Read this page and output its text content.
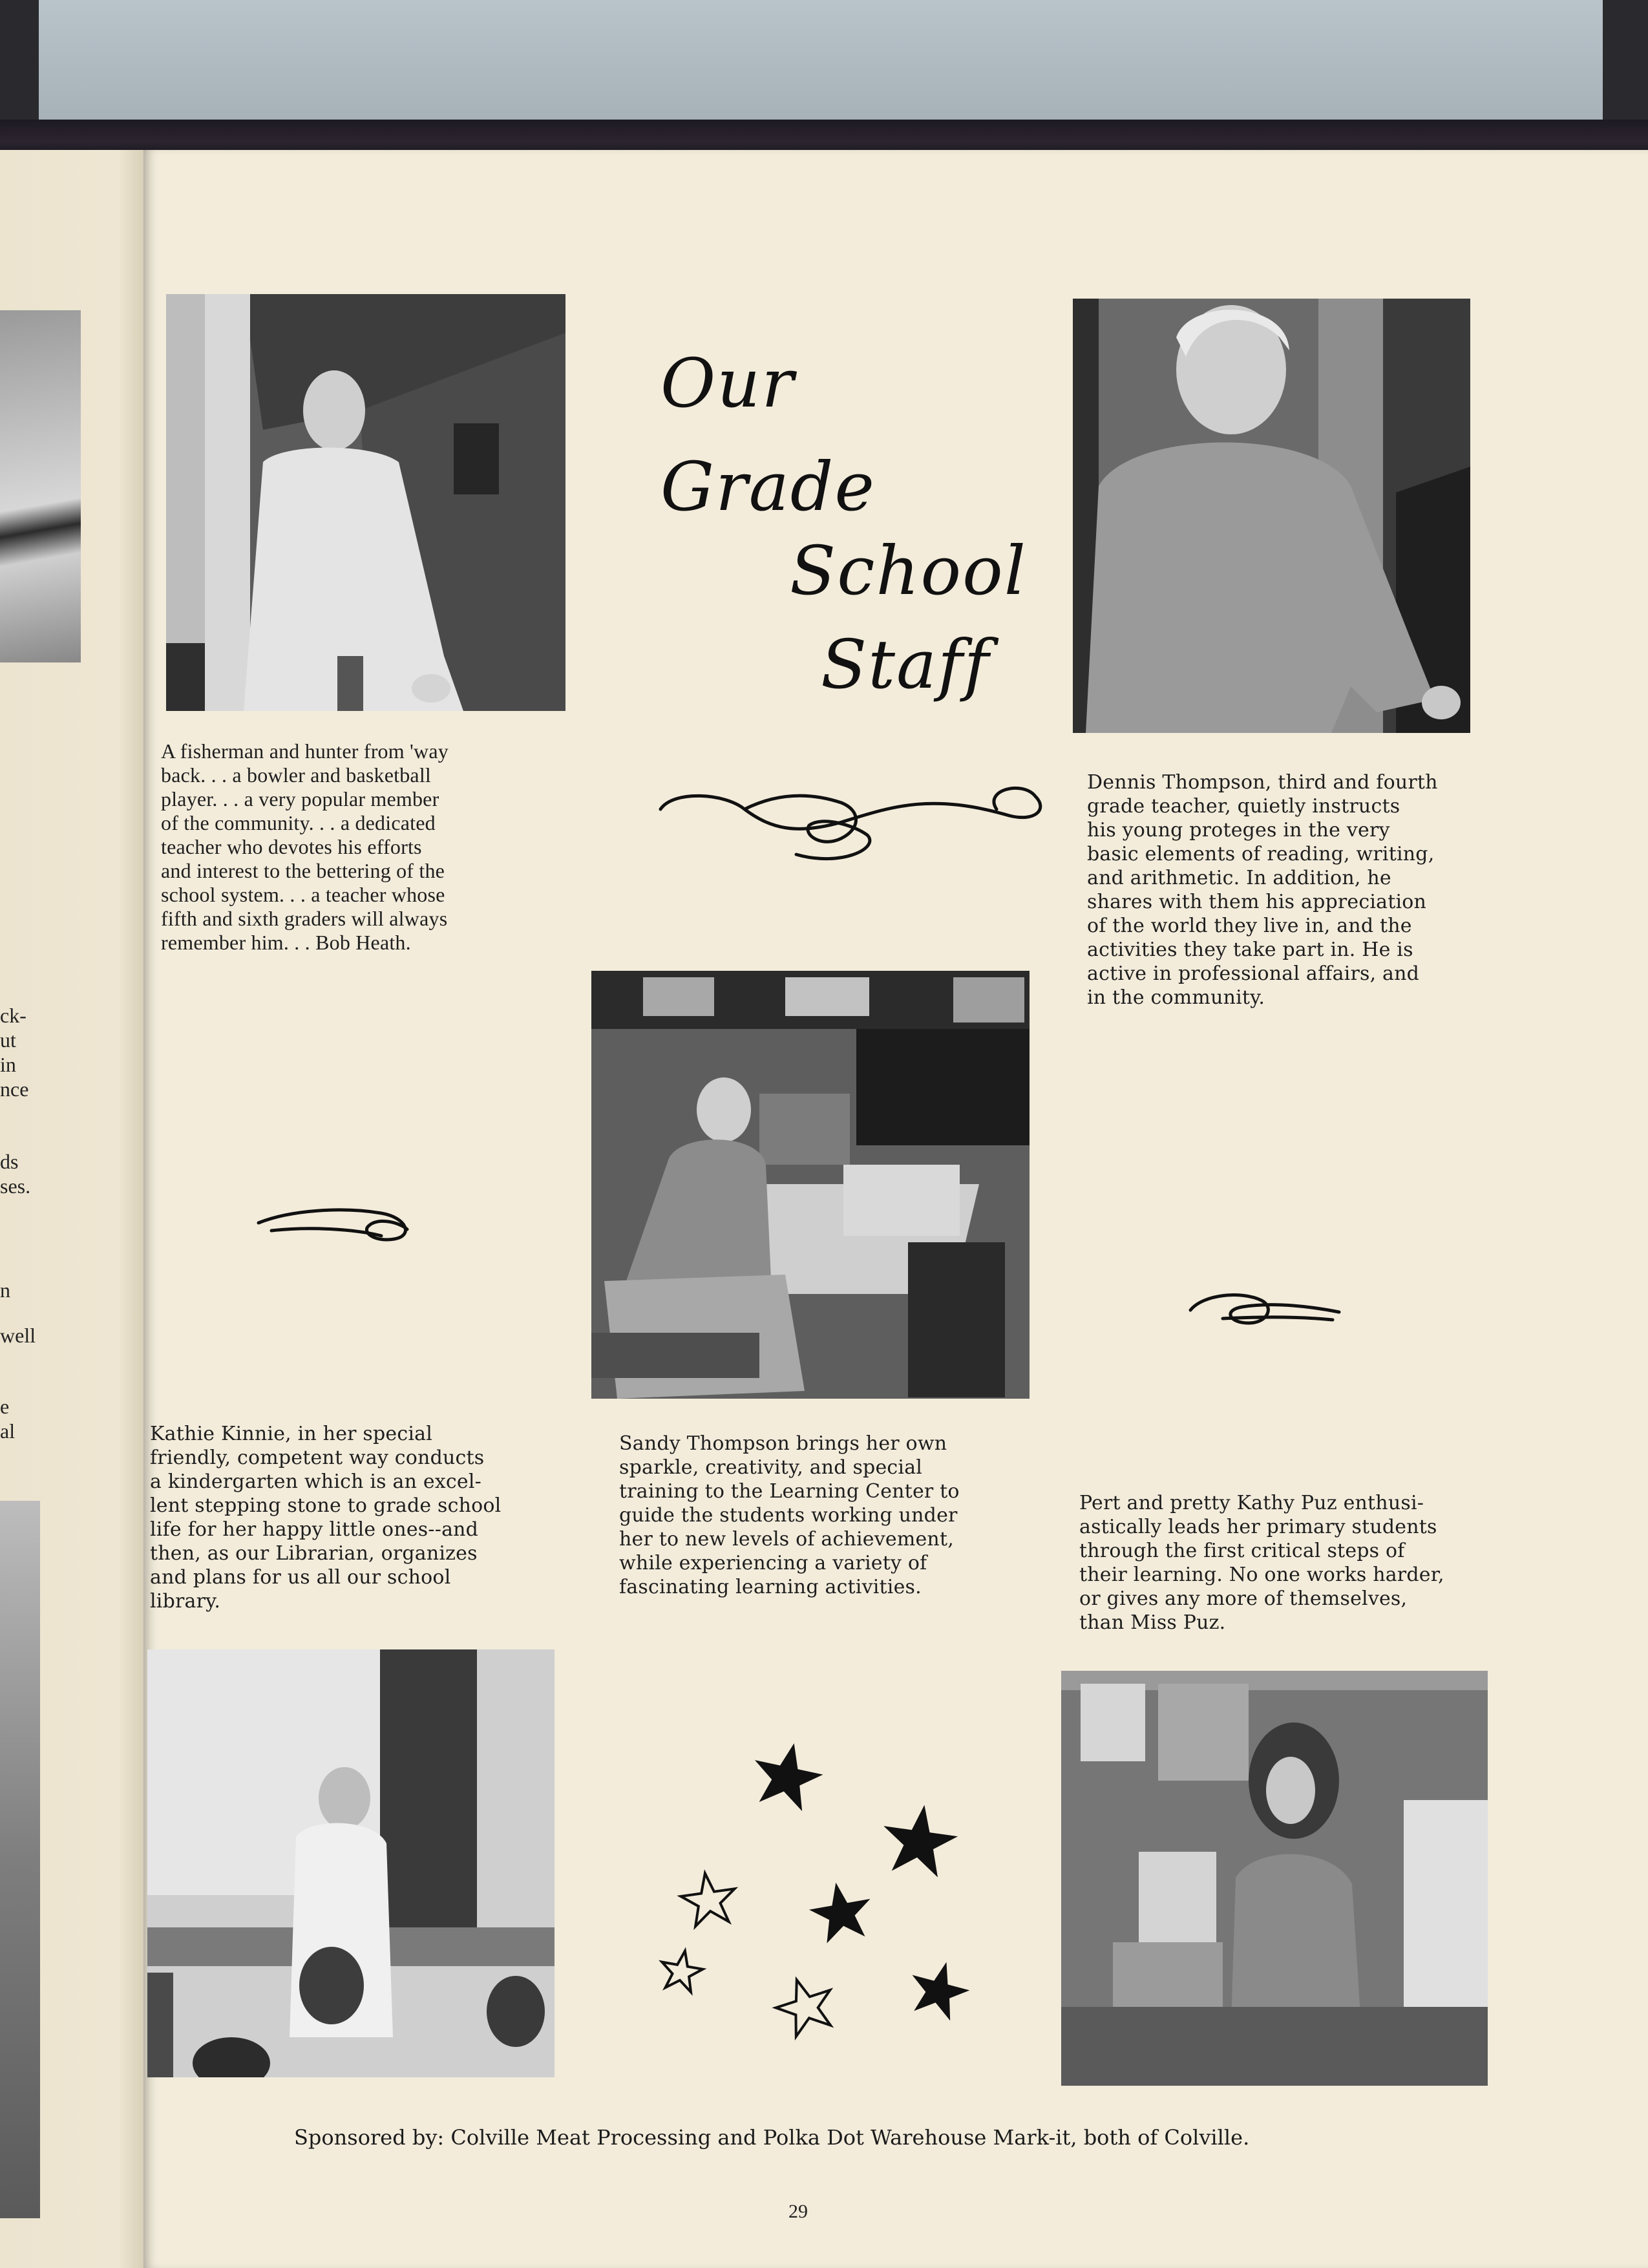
ck-
ut
in
nce
ds
ses.
n
well
e
al
Our
Grade
School
Staff
A fisherman and hunter from 'way
back. . . a bowler and basketball
player. . . a very popular member
of the community. . . a dedicated
teacher who devotes his efforts
and interest to the bettering of the
school system. . . a teacher whose
fifth and sixth graders will always
remember him. . . Bob Heath.
Dennis Thompson, third and fourth
grade teacher, quietly instructs
his young proteges in the very
basic elements of reading, writing,
and arithmetic. In addition, he
shares with them his appreciation
of the world they live in, and the
activities they take part in. He is
active in professional affairs, and
in the community.
Kathie Kinnie, in her special
friendly, competent way conducts
a kindergarten which is an excel-
lent stepping stone to grade school
life for her happy little ones--and
then, as our Librarian, organizes
and plans for us all our school
library.
Sandy Thompson brings her own
sparkle, creativity, and special
training to the Learning Center to
guide the students working under
her to new levels of achievement,
while experiencing a variety of
fascinating learning activities.
Pert and pretty Kathy Puz enthusi-
astically leads her primary students
through the first critical steps of
their learning. No one works harder,
or gives any more of themselves,
than Miss Puz.
Sponsored by: Colville Meat Processing and Polka Dot Warehouse Mark-it, both of Colville.
29
